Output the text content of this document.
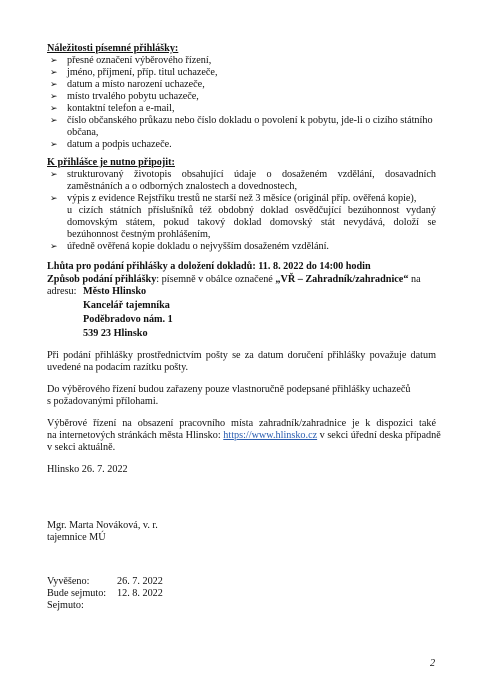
Náležitosti písemné přihlášky:
➢ přesné označení výběrového řízení,
➢ jméno, příjmení, příp. titul uchazeče,
➢ datum a místo narození uchazeče,
➢ místo trvalého pobytu uchazeče,
➢ kontaktní telefon a e-mail,
➢ číslo občanského průkazu nebo číslo dokladu o povolení k pobytu, jde-li o cizího státního
občana,
➢ datum a podpis uchazeče.
K přihlášce je nutno připojit:
➢ strukturovaný životopis obsahující údaje o dosaženém vzdělání, dosavadních
zaměstnáních a o odborných znalostech a dovednostech,
➢ výpis z evidence Rejstříku trestů ne starší než 3 měsíce (originál příp. ověřená kopie),
u cizích státních příslušníků též obdobný doklad osvědčující bezúhonnost vydaný
domovským státem, pokud takový doklad domovský stát nevydává, doloží se
bezúhonnost čestným prohlášením,
➢ úředně ověřená kopie dokladu o nejvyšším dosaženém vzdělání.
Lhůta pro podání přihlášky a doložení dokladů: 11. 8. 2022 do 14:00 hodin
Způsob podání přihlášky: písemně v obálce označené „VŘ – Zahradník/zahradnice“ na
adresu: Město Hlinsko
Kancelář tajemníka
Poděbradovo nám. 1
539 23 Hlinsko
Při podání přihlášky prostřednictvím pošty se za datum doručení přihlášky považuje datum
uvedené na podacím razítku pošty.
Do výběrového řízení budou zařazeny pouze vlastnoručně podepsané přihlášky uchazečů
s požadovanými přílohami.
Výběrové řízení na obsazení pracovního místa zahradník/zahradnice je k dispozici také
na internetových stránkách města Hlinsko: https://www.hlinsko.cz v sekci úřední deska případně
v sekci aktuálně.
Hlinsko 26. 7. 2022
Mgr. Marta Nováková, v. r.
tajemnice MÚ
Vyvěšeno:	26. 7. 2022
Bude sejmuto: 12. 8. 2022
Sejmuto:
2
